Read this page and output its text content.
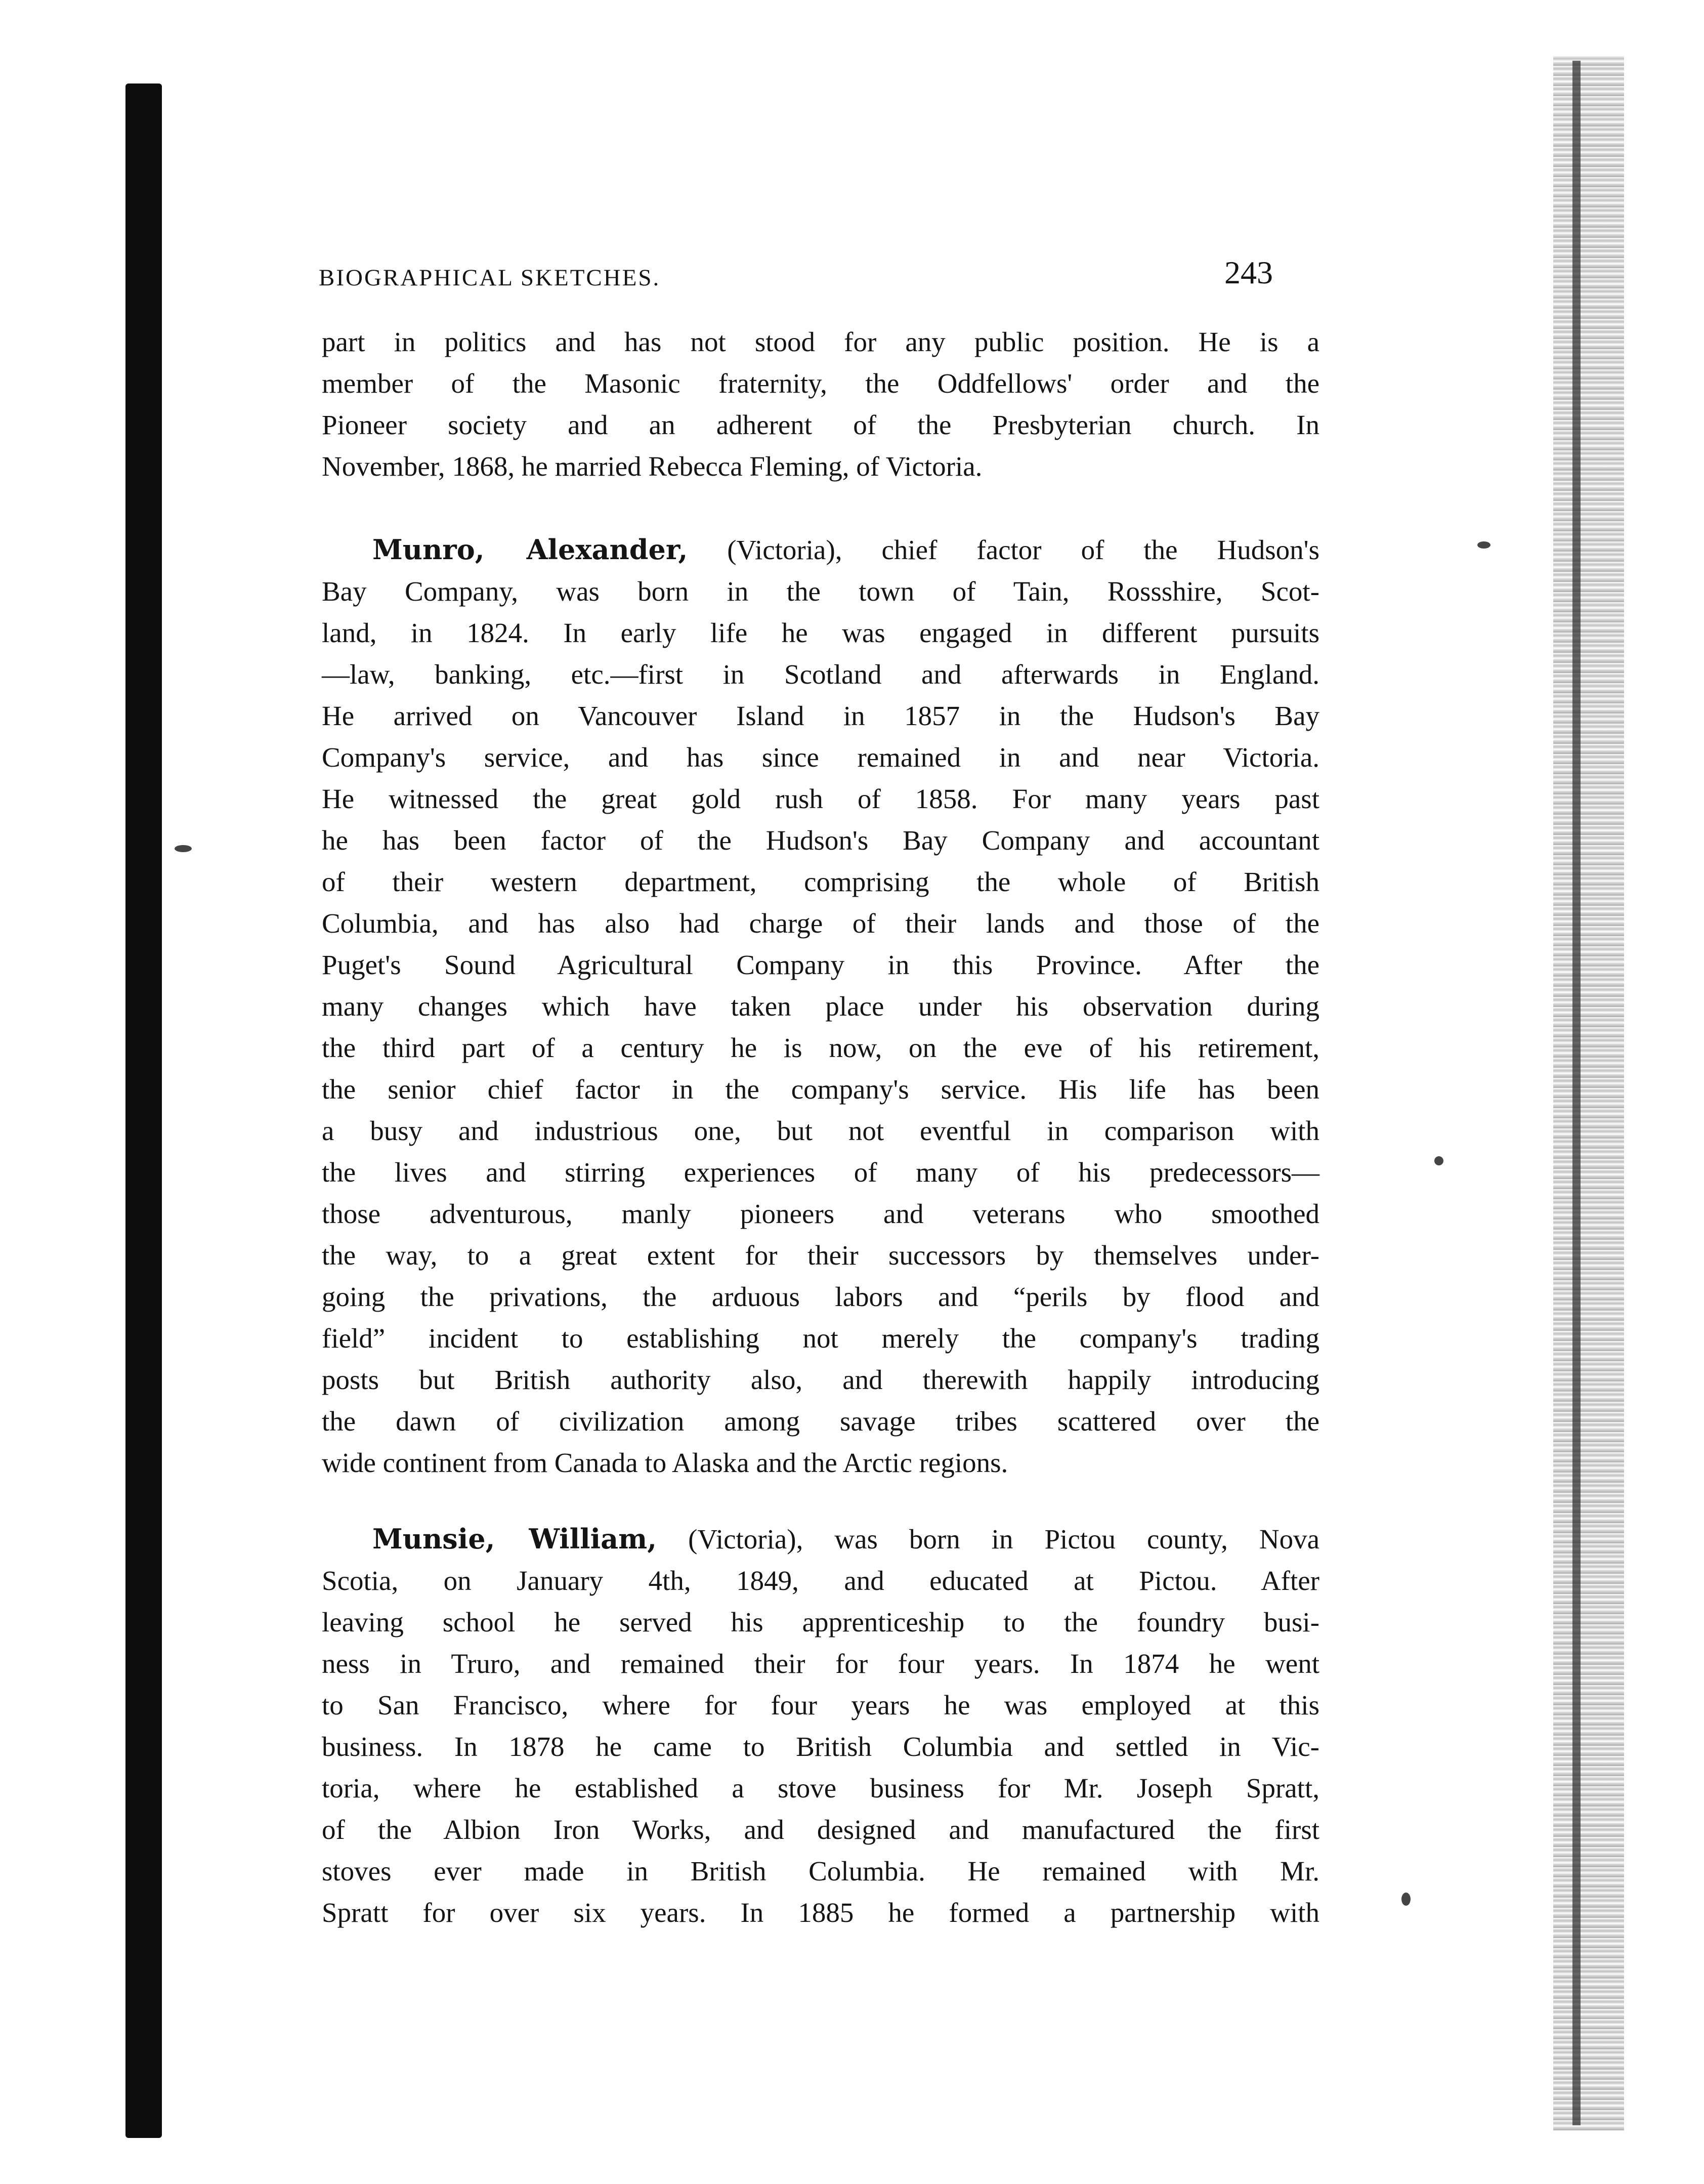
BIOGRAPHICAL SKETCHES.	243
part in politics and has not stood for any public position. He is a
member of the Masonic fraternity, the Oddfellows' order and the
Pioneer society and an adherent of the Presbyterian church. In
November, 1868, he married Rebecca Fleming, of Victoria.
Munro, Alexander, (Victoria), chief factor of the Hudson's
Bay Company, was born in the town of Tain, Rossshire, Scot-
land, in 1824. In early life he was engaged in different pursuits
—law, banking, etc.—first in Scotland and afterwards in England.
He arrived on Vancouver Island in 1857 in the Hudson's Bay
Company's service, and has since remained in and near Victoria.
He witnessed the great gold rush of 1858. For many years past
he has been factor of the Hudson's Bay Company and accountant
of their western department, comprising the whole of British
Columbia, and has also had charge of their lands and those of the
Puget's Sound Agricultural Company in this Province. After the
many changes which have taken place under his observation during
the third part of a century he is now, on the eve of his retirement,
the senior chief factor in the company's service. His life has been
a busy and industrious one, but not eventful in comparison with
the lives and stirring experiences of many of his predecessors—
those adventurous, manly pioneers and veterans who smoothed
the way, to a great extent for their successors by themselves under-
going the privations, the arduous labors and “perils by flood and
field” incident to establishing not merely the company's trading
posts but British authority also, and therewith happily introducing
the dawn of civilization among savage tribes scattered over the
wide continent from Canada to Alaska and the Arctic regions.
Munsie, William, (Victoria), was born in Pictou county, Nova
Scotia, on January 4th, 1849, and educated at Pictou. After
leaving school he served his apprenticeship to the foundry busi-
ness in Truro, and remained their for four years. In 1874 he went
to San Francisco, where for four years he was employed at this
business. In 1878 he came to British Columbia and settled in Vic-
toria, where he established a stove business for Mr. Joseph Spratt,
of the Albion Iron Works, and designed and manufactured the first
stoves ever made in British Columbia. He remained with Mr.
Spratt for over six years. In 1885 he formed a partnership with
